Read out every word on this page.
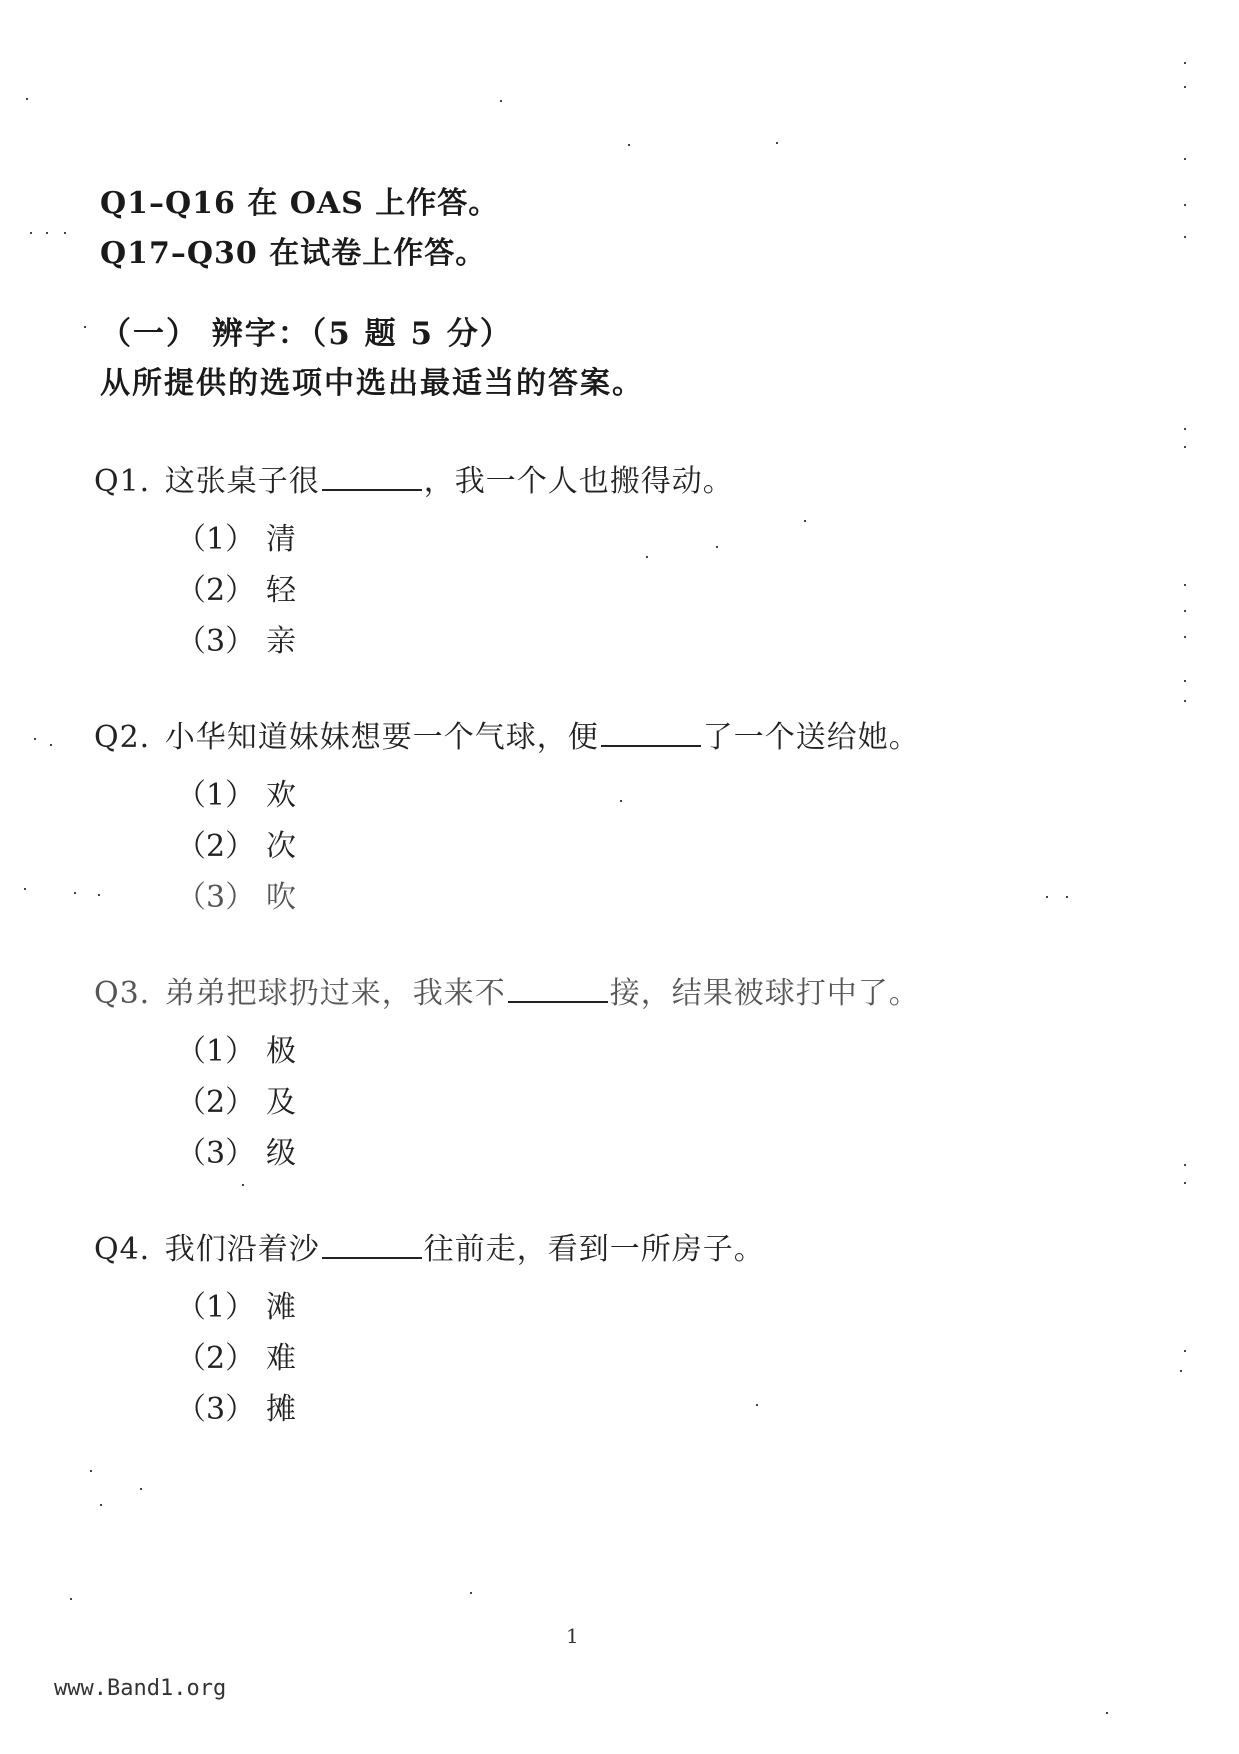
Q1–Q16 在 OAS 上作答。
Q17–Q30 在试卷上作答。
（一） 辨字：（5 题 5 分）
从所提供的选项中选出最适当的答案。
Q1. 这张桌子很	，我一个人也搬得动。
（1） 清
（2） 轻
（3） 亲
Q2. 小华知道妹妹想要一个气球，便	了一个送给她。
（1） 欢
（2） 次
（3） 吹
Q3. 弟弟把球扔过来，我来不	接，结果被球打中了。
（1） 极
（2） 及
（3） 级
Q4. 我们沿着沙	往前走，看到一所房子。
（1） 滩
（2） 难
（3） 摊
1
www.Band1.org
